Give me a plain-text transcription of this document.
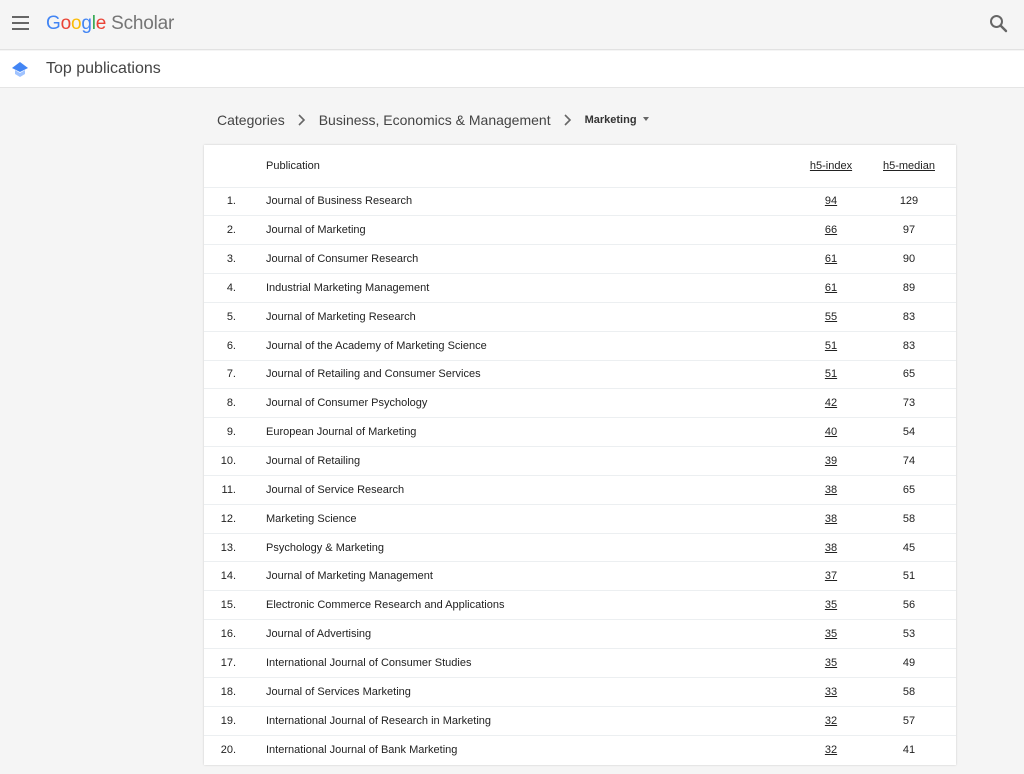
Google Scholar
Top publications
Categories Business, Economics & Management	Marketing
	Publication	h5-index	h5-median
1.	Journal of Business Research	94	129
2.	Journal of Marketing	66	97
3.	Journal of Consumer Research	61	90
4.	Industrial Marketing Management	61	89
5.	Journal of Marketing Research	55	83
6.	Journal of the Academy of Marketing Science	51	83
7.	Journal of Retailing and Consumer Services	51	65
8.	Journal of Consumer Psychology	42	73
9.	European Journal of Marketing	40	54
10.	Journal of Retailing	39	74
11.	Journal of Service Research	38	65
12.	Marketing Science	38	58
13.	Psychology & Marketing	38	45
14.	Journal of Marketing Management	37	51
15.	Electronic Commerce Research and Applications	35	56
16.	Journal of Advertising	35	53
17.	International Journal of Consumer Studies	35	49
18.	Journal of Services Marketing	33	58
19.	International Journal of Research in Marketing	32	57
20.	International Journal of Bank Marketing	32	41
